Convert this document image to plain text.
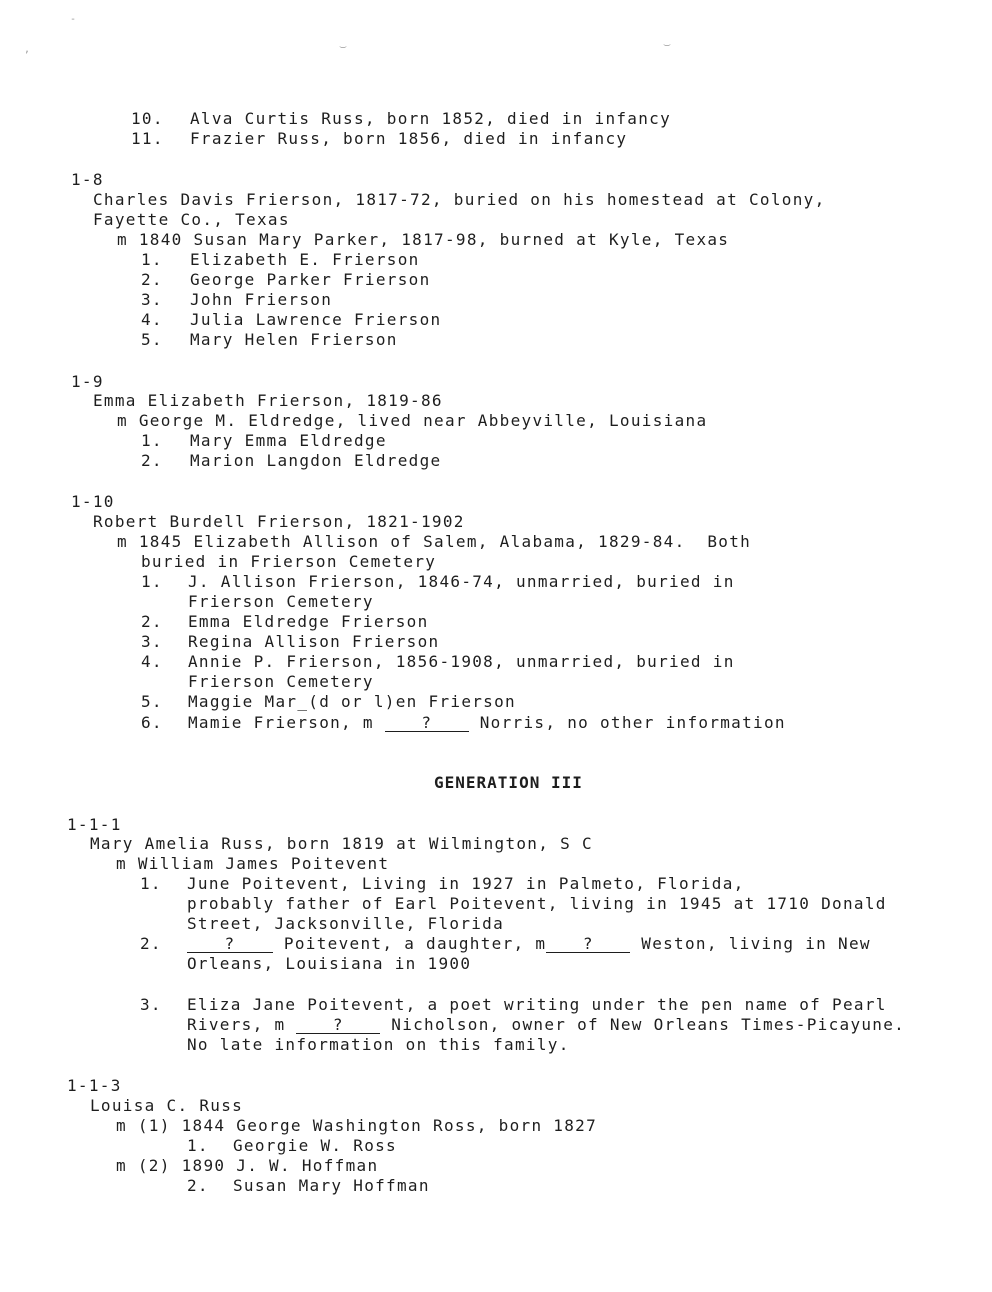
-
,
‿	‿
10. Alva Curtis Russ, born 1852, died in infancy
11. Frazier Russ, born 1856, died in infancy
1-8
Charles Davis Frierson, 1817-72, buried on his homestead at Colony,
Fayette Co., Texas
m 1840 Susan Mary Parker, 1817-98, burned at Kyle, Texas
1. Elizabeth E. Frierson
2. George Parker Frierson
3. John Frierson
4. Julia Lawrence Frierson
5. Mary Helen Frierson
1-9
Emma Elizabeth Frierson, 1819-86
m George M. Eldredge, lived near Abbeyville, Louisiana
1. Mary Emma Eldredge
2. Marion Langdon Eldredge
1-10
Robert Burdell Frierson, 1821-1902
m 1845 Elizabeth Allison of Salem, Alabama, 1829-84.  Both
buried in Frierson Cemetery
1. J. Allison Frierson, 1846-74, unmarried, buried in
Frierson Cemetery
2. Emma Eldredge Frierson
3. Regina Allison Frierson
4. Annie P. Frierson, 1856-1908, unmarried, buried in
Frierson Cemetery
5. Maggie Mar_(d or l)en Frierson
6. Mamie Frierson, m ? Norris, no other information
GENERATION III
1-1-1
Mary Amelia Russ, born 1819 at Wilmington, S C
m William James Poitevent
1. June Poitevent, Living in 1927 in Palmeto, Florida,
probably father of Earl Poitevent, living in 1945 at 1710 Donald
Street, Jacksonville, Florida
2.	? Poitevent, a daughter, m ? Weston, living in New
Orleans, Louisiana in 1900
3. Eliza Jane Poitevent, a poet writing under the pen name of Pearl
Rivers, m ? Nicholson, owner of New Orleans Times-Picayune.
No late information on this family.
1-1-3
Louisa C. Russ
m (1) 1844 George Washington Ross, born 1827
1. Georgie W. Ross
m (2) 1890 J. W. Hoffman
2. Susan Mary Hoffman
